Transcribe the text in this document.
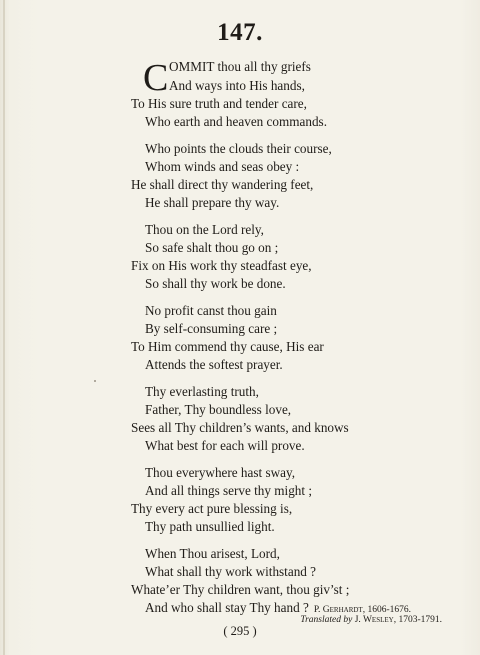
147.
C OMMIT thou all thy griefs
And ways into His hands,
To His sure truth and tender care,
Who earth and heaven commands.
Who points the clouds their course,
Whom winds and seas obey :
He shall direct thy wandering feet,
He shall prepare thy way.
Thou on the Lord rely,
So safe shalt thou go on ;
Fix on His work thy steadfast eye,
So shall thy work be done.
No profit canst thou gain
By self-consuming care ;
To Him commend thy cause, His ear
Attends the softest prayer.
Thy everlasting truth,
Father, Thy boundless love,
Sees all Thy children’s wants, and knows
What best for each will prove.
Thou everywhere hast sway,
And all things serve thy might ;
Thy every act pure blessing is,
Thy path unsullied light.
When Thou arisest, Lord,
What shall thy work withstand ?
Whate’er Thy children want, thou giv’st ;
And who shall stay Thy hand ? P. Gerhardt, 1606-1676.
Translated by J. Wesley, 1703-1791.
( 295 )
